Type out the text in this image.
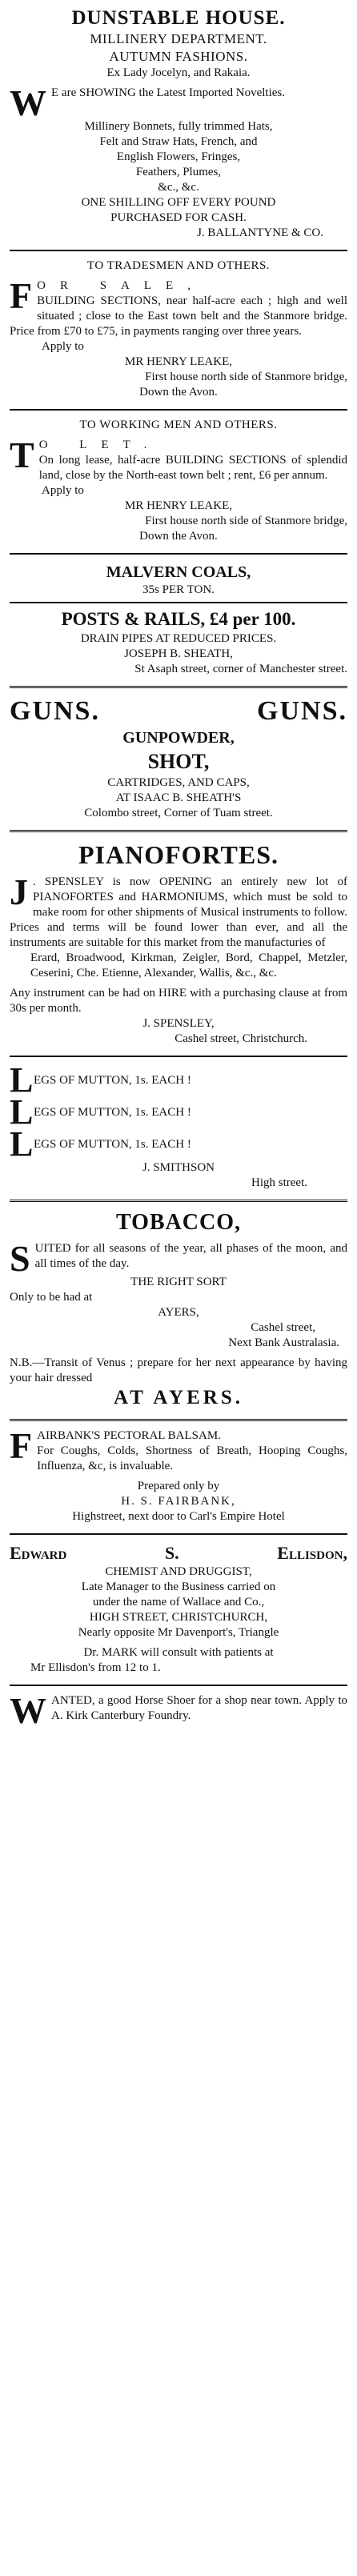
DUNSTABLE HOUSE.
MILLINERY DEPARTMENT.
AUTUMN FASHIONS.
Ex Lady Jocelyn, and Rakaia.
W E are SHOWING the Latest Imported Novelties.
Millinery Bonnets, fully trimmed Hats,
Felt and Straw Hats, French, and
English Flowers, Fringes,
Feathers, Plumes,
&c., &c.
ONE SHILLING OFF EVERY POUND
PURCHASED FOR CASH.
J. BALLANTYNE & CO.
TO TRADESMEN AND OTHERS.
F OR SALE,
BUILDING SECTIONS, near half-acre each ; high and well situated ; close to the East town belt and the Stanmore bridge. Price from £70 to £75, in payments ranging over three years.
Apply to
MR HENRY LEAKE,
First house north side of Stanmore bridge,
Down the Avon.
TO WORKING MEN AND OTHERS.
T O LET.
On long lease, half-acre BUILDING SECTIONS of splendid land, close by the North-east town belt ; rent, £6 per annum.
Apply to
MR HENRY LEAKE,
First house north side of Stanmore bridge,
Down the Avon.
MALVERN COALS,
35s PER TON.
POSTS & RAILS, £4 per 100.
DRAIN PIPES AT REDUCED PRICES.
JOSEPH B. SHEATH,
St Asaph street, corner of Manchester street.
GUNS.	GUNS.
GUNPOWDER,
SHOT,
CARTRIDGES, AND CAPS,
AT ISAAC B. SHEATH'S
Colombo street, Corner of Tuam street.
PIANOFORTES.
J . SPENSLEY is now OPENING an entirely new lot of PIANOFORTES and HARMONIUMS, which must be sold to make room for other shipments of Musical instruments to follow. Prices and terms will be found lower than ever, and all the instruments are suitable for this market from the manufacturies of
Erard, Broadwood, Kirkman, Zeigler, Bord, Chappel, Metzler, Ceserini, Che. Etienne, Alexander, Wallis, &c., &c.
Any instrument can be had on HIRE with a purchasing clause at from 30s per month.
J. SPENSLEY,
Cashel street, Christchurch.
L EGS OF MUTTON, 1s. EACH !
L EGS OF MUTTON, 1s. EACH !
L EGS OF MUTTON, 1s. EACH !
J. SMITHSON
High street.
TOBACCO,
S UITED for all seasons of the year, all phases of the moon, and all times of the day.
THE RIGHT SORT
Only to be had at
AYERS,
Cashel street,
Next Bank Australasia.
N.B.—Transit of Venus ; prepare for her next appearance by having your hair dressed
AT AYERS.
F AIRBANK'S PECTORAL BALSAM.
For Coughs, Colds, Shortness of Breath, Hooping Coughs, Influenza, &c, is invaluable.
Prepared only by
H. S. FAIRBANK,
Highstreet, next door to Carl's Empire Hotel
Edward	S.	Ellisdon,
CHEMIST AND DRUGGIST,
Late Manager to the Business carried on
under the name of Wallace and Co.,
HIGH STREET, CHRISTCHURCH,
Nearly opposite Mr Davenport's, Triangle
Dr. MARK will consult with patients at
Mr Ellisdon's from 12 to 1.
W ANTED, a good Horse Shoer for a shop near town. Apply to A. Kirk Canterbury Foundry.
